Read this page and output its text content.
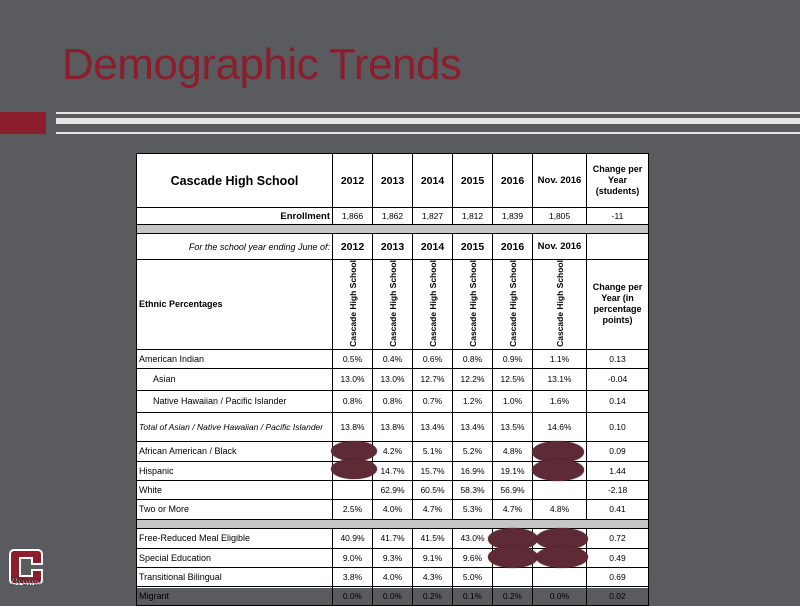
Demographic Trends
Cascade High School	2012	2013	2014	2015	2016	Nov. 2016	Change per Year (students)
Enrollment	1,866	1,862	1,827	1,812	1,839	1,805	-11

For the school year ending June of:	2012	2013	2014	2015	2016	Nov. 2016	
Ethnic Percentages	Cascade High School	Cascade High School	Cascade High School	Cascade High School	Cascade High School	Cascade High School	Change per Year (in percentage points)
American Indian	0.5%	0.4%	0.6%	0.8%	0.9%	1.1%	0.13
Asian	13.0%	13.0%	12.7%	12.2%	12.5%	13.1%	-0.04
Native Hawaiian / Pacific Islander	0.8%	0.8%	0.7%	1.2%	1.0%	1.6%	0.14
Total of Asian / Native Hawaiian / Pacific Islander	13.8%	13.8%	13.4%	13.4%	13.5%	14.6%	0.10
African American / Black		4.2%	5.1%	5.2%	4.8%		0.09
Hispanic		14.7%	15.7%	16.9%	19.1%		1.44
White		62.9%	60.5%	58.3%	56.9%		-2.18
Two or More	2.5%	4.0%	4.7%	5.3%	4.7%	4.8%	0.41

Free-Reduced Meal Eligible	40.9%	41.7%	41.5%	43.0%			0.72
Special Education	9.0%	9.3%	9.1%	9.6%			0.49
Transitional Bilingual	3.8%	4.0%	4.3%	5.0%			0.69
Migrant	0.0%	0.0%	0.2%	0.1%	0.2%	0.0%	0.02
Bruins
